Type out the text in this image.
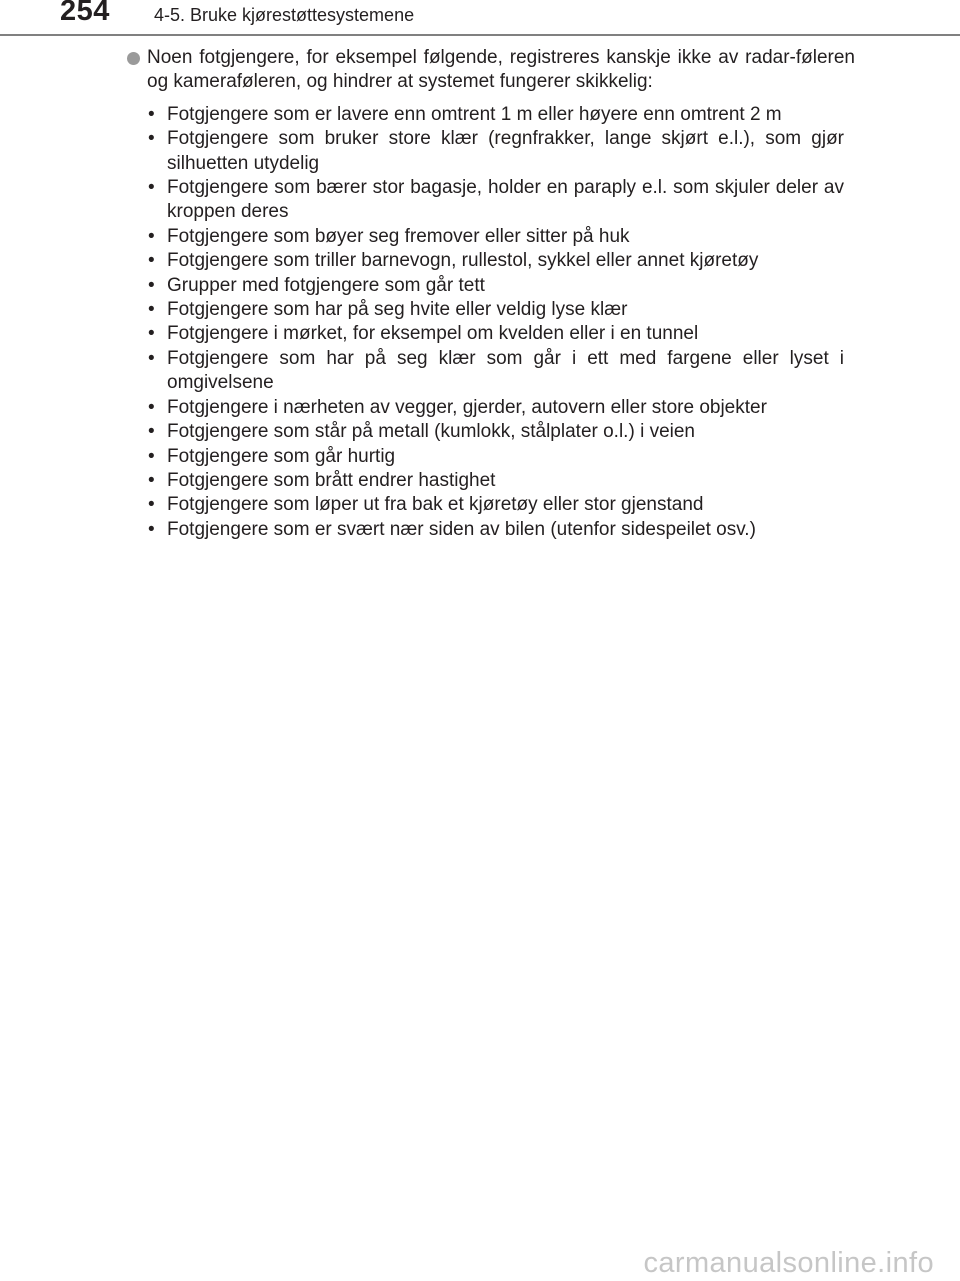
254 4-5. Bruke kjørestøttesystemene
Noen fotgjengere, for eksempel følgende, registreres kanskje ikke av radar-føleren og kameraføleren, og hindrer at systemet fungerer skikkelig:
• Fotgjengere som er lavere enn omtrent 1 m eller høyere enn omtrent 2 m
• Fotgjengere som bruker store klær (regnfrakker, lange skjørt e.l.), som gjør silhuetten utydelig
• Fotgjengere som bærer stor bagasje, holder en paraply e.l. som skjuler deler av kroppen deres
• Fotgjengere som bøyer seg fremover eller sitter på huk
• Fotgjengere som triller barnevogn, rullestol, sykkel eller annet kjøretøy
• Grupper med fotgjengere som går tett
• Fotgjengere som har på seg hvite eller veldig lyse klær
• Fotgjengere i mørket, for eksempel om kvelden eller i en tunnel
• Fotgjengere som har på seg klær som går i ett med fargene eller lyset i omgivelsene
• Fotgjengere i nærheten av vegger, gjerder, autovern eller store objekter
• Fotgjengere som står på metall (kumlokk, stålplater o.l.) i veien
• Fotgjengere som går hurtig
• Fotgjengere som brått endrer hastighet
• Fotgjengere som løper ut fra bak et kjøretøy eller stor gjenstand
• Fotgjengere som er svært nær siden av bilen (utenfor sidespeilet osv.)
carmanualsonline.info
